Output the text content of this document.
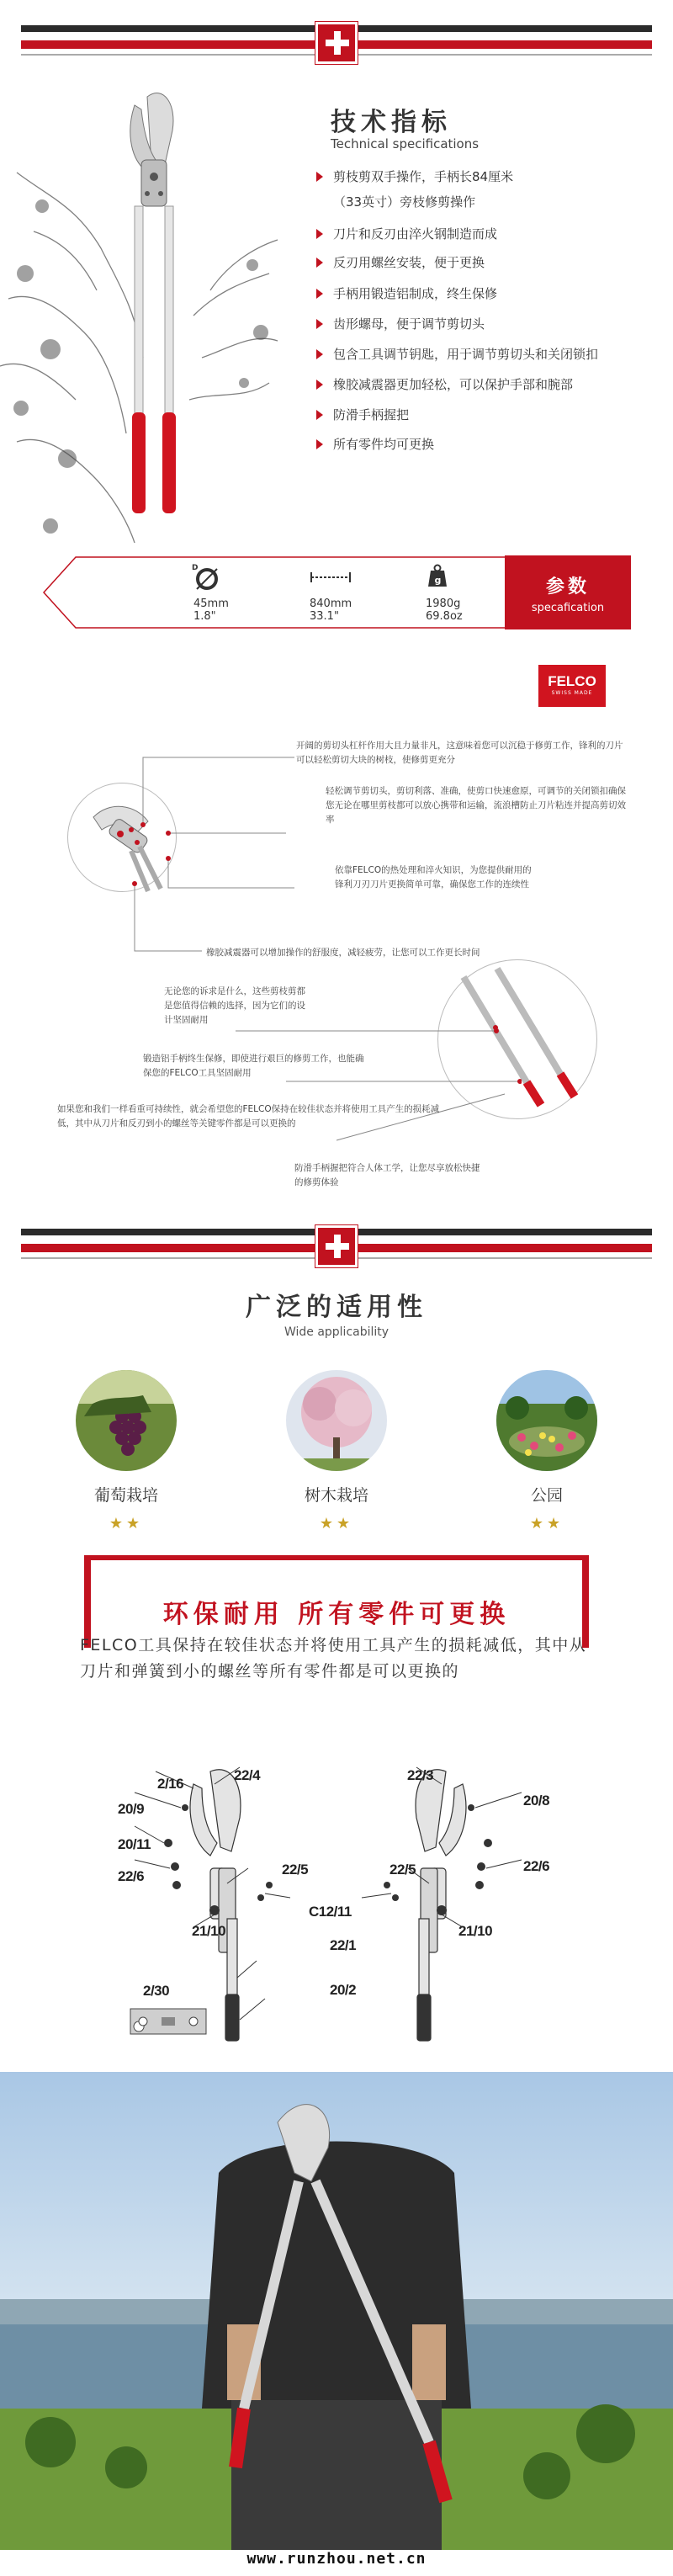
技术指标
Technical specifications
剪枝剪双手操作，手柄长84厘米
（33英寸）旁枝修剪操作
刀片和反刃由淬火钢制造而成
反刃用螺丝安装，便于更换
手柄用锻造铝制成，终生保修
齿形螺母，便于调节剪切头
包含工具调节钥匙，用于调节剪切头和关闭锁扣
橡胶减震器更加轻松，可以保护手部和腕部
防滑手柄握把
所有零件均可更换
D
45mm
1.8"
840mm
33.1"
g
1980g
69.8oz
参数
specafication
FELCO
SWISS MADE
开阔的剪切头杠杆作用大且力量非凡，这意味着您可以沉稳于修剪工作，锋利的刀片可以轻松剪切大块的树枝，使修剪更充分
轻松调节剪切头，剪切利落、准确，使剪口快速愈原，可调节的关闭锁扣确保您无论在哪里剪枝都可以放心携带和运输，流浪槽防止刀片粘连并提高剪切效率
依靠FELCO的热处理和淬火知识，为您提供耐用的锋利刀刃刀片更换简单可靠，确保您工作的连续性
橡胶减震器可以增加操作的舒服度，减轻疲劳，让您可以工作更长时间
无论您的诉求是什么，这些剪枝剪都是您值得信赖的选择，因为它们的设计坚固耐用
锻造铝手柄终生保修，即使进行艰巨的修剪工作，也能确保您的FELCO工具坚固耐用
如果您和我们一样看重可持续性，就会希望您的FELCO保持在较佳状态并将使用工具产生的损耗减低，其中从刀片和反刃到小的螺丝等关键零件都是可以更换的
防滑手柄握把符合人体工学，让您尽享放松快捷的修剪体验
广泛的适用性
Wide applicability
葡萄栽培	树木栽培	公园
★★	★★	★★
环保耐用 所有零件可更换
FELCO工具保持在较佳状态并将使用工具产生的损耗减低，其中从刀片和弹簧到小的螺丝等所有零件都是可以更换的
2/16
22/4
20/9
20/11
22/6	22/5
21/10
C12/11
22/1
20/2
22/3
20/8
22/5	22/6
21/10
2/30
www.runzhou.net.cn
